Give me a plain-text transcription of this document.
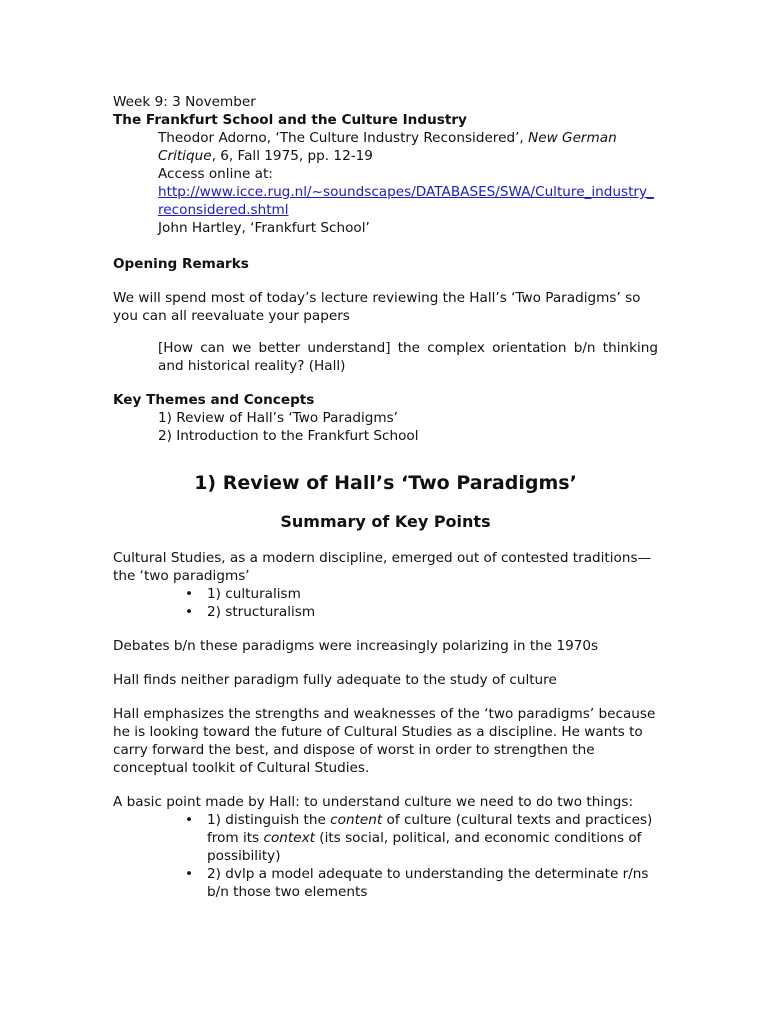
Week 9: 3 November
The Frankfurt School and the Culture Industry
Theodor Adorno, ‘The Culture Industry Reconsidered’, New German
Critique, 6, Fall 1975, pp. 12-19
Access online at:
http://www.icce.rug.nl/~soundscapes/DATABASES/SWA/Culture_industry_reconsidered.shtml
John Hartley, ‘Frankfurt School’
Opening Remarks

We will spend most of today’s lecture reviewing the Hall’s ‘Two Paradigms’ so you can all reevaluate your papers

[How can we better understand] the complex orientation b/n thinking and historical reality? (Hall)

Key Themes and Concepts
1) Review of Hall’s ‘Two Paradigms’
2) Introduction to the Frankfurt School
1) Review of Hall’s ‘Two Paradigms’
Summary of Key Points

Cultural Studies, as a modern discipline, emerged out of contested traditions—the ‘two paradigms’

• 1) culturalism
• 2) structuralism

Debates b/n these paradigms were increasingly polarizing in the 1970s

Hall finds neither paradigm fully adequate to the study of culture

Hall emphasizes the strengths and weaknesses of the ‘two paradigms’ because he is looking toward the future of Cultural Studies as a discipline. He wants to carry forward the best, and dispose of worst in order to strengthen the conceptual toolkit of Cultural Studies.

A basic point made by Hall: to understand culture we need to do two things:

• 1) distinguish the content of culture (cultural texts and practices) from its context (its social, political, and economic conditions of possibility)
• 2) dvlp a model adequate to understanding the determinate r/ns b/n those two elements
